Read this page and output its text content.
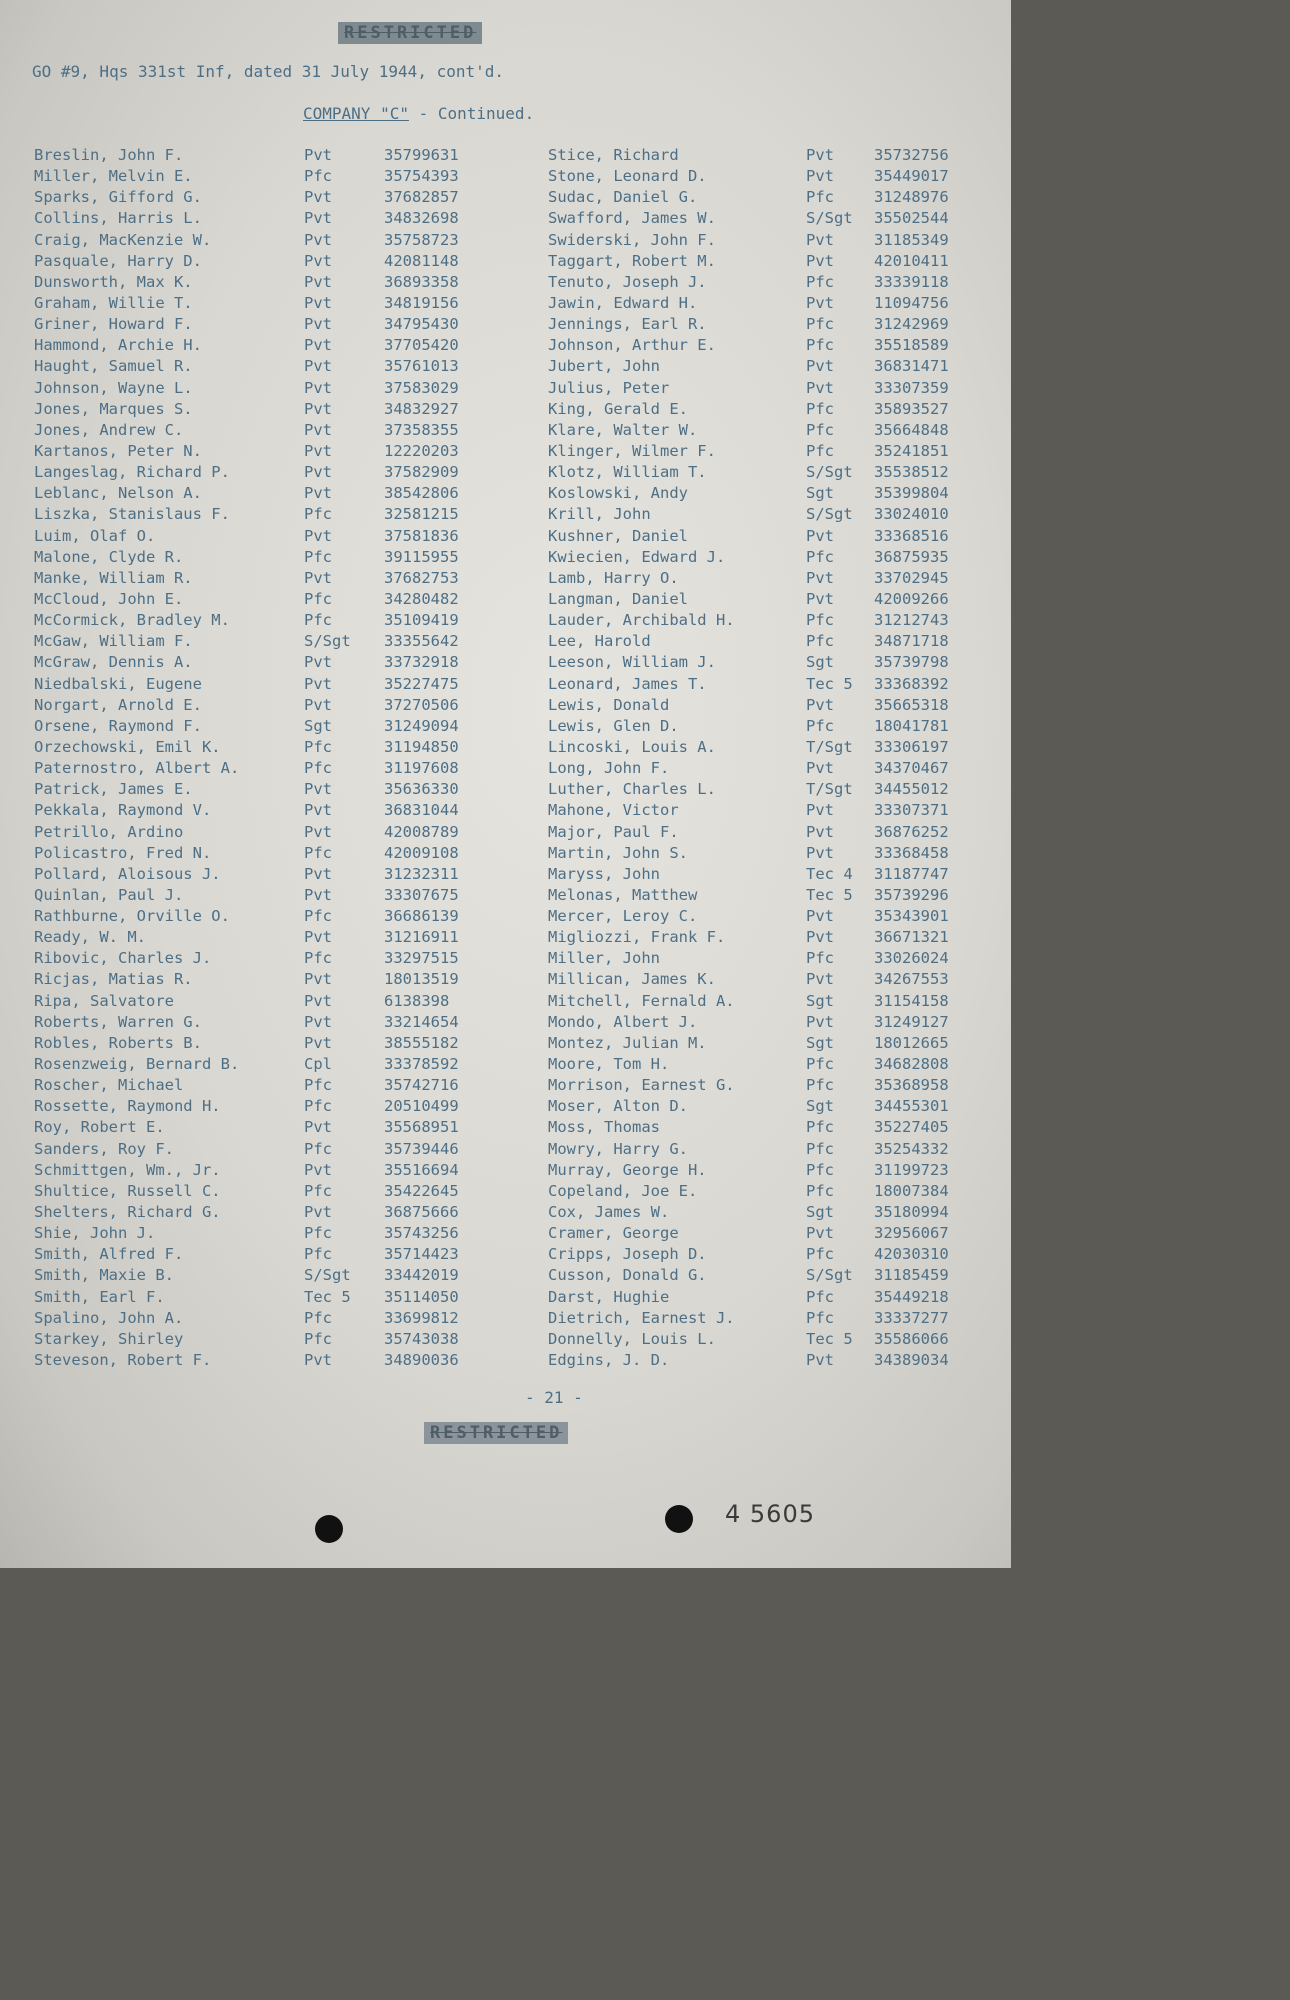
RESTRICTED
GO #9, Hqs 331st Inf, dated 31 July 1944, cont'd.
COMPANY "C" - Continued.
Breslin, John F.	Pvt	35799631
Miller, Melvin E.	Pfc	35754393
Sparks, Gifford G.	Pvt	37682857
Collins, Harris L.	Pvt	34832698
Craig, MacKenzie W.	Pvt	35758723
Pasquale, Harry D.	Pvt	42081148
Dunsworth, Max K.	Pvt	36893358
Graham, Willie T.	Pvt	34819156
Griner, Howard F.	Pvt	34795430
Hammond, Archie H.	Pvt	37705420
Haught, Samuel R.	Pvt	35761013
Johnson, Wayne L.	Pvt	37583029
Jones, Marques S.	Pvt	34832927
Jones, Andrew C.	Pvt	37358355
Kartanos, Peter N.	Pvt	12220203
Langeslag, Richard P.	Pvt	37582909
Leblanc, Nelson A.	Pvt	38542806
Liszka, Stanislaus F.	Pfc	32581215
Luim, Olaf O.	Pvt	37581836
Malone, Clyde R.	Pfc	39115955
Manke, William R.	Pvt	37682753
McCloud, John E.	Pfc	34280482
McCormick, Bradley M.	Pfc	35109419
McGaw, William F.	S/Sgt 33355642
McGraw, Dennis A.	Pvt	33732918
Niedbalski, Eugene	Pvt	35227475
Norgart, Arnold E.	Pvt	37270506
Orsene, Raymond F.	Sgt	31249094
Orzechowski, Emil K.	Pfc	31194850
Paternostro, Albert A.	Pfc	31197608
Patrick, James E.	Pvt	35636330
Pekkala, Raymond V.	Pvt	36831044
Petrillo, Ardino	Pvt	42008789
Policastro, Fred N.	Pfc	42009108
Pollard, Aloisous J.	Pvt	31232311
Quinlan, Paul J.	Pvt	33307675
Rathburne, Orville O.	Pfc	36686139
Ready, W. M.	Pvt	31216911
Ribovic, Charles J.	Pfc	33297515
Ricjas, Matias R.	Pvt	18013519
Ripa, Salvatore	Pvt	6138398
Roberts, Warren G.	Pvt	33214654
Robles, Roberts B.	Pvt	38555182
Rosenzweig, Bernard B.	Cpl	33378592
Roscher, Michael	Pfc	35742716
Rossette, Raymond H.	Pfc	20510499
Roy, Robert E.	Pvt	35568951
Sanders, Roy F.	Pfc	35739446
Schmittgen, Wm., Jr.	Pvt	35516694
Shultice, Russell C.	Pfc	35422645
Shelters, Richard G.	Pvt	36875666
Shie, John J.	Pfc	35743256
Smith, Alfred F.	Pfc	35714423
Smith, Maxie B.	S/Sgt 33442019
Smith, Earl F.	Tec 5 35114050
Spalino, John A.	Pfc	33699812
Starkey, Shirley	Pfc	35743038
Steveson, Robert F.	Pvt	34890036
Stice, Richard	Pvt	35732756
Stone, Leonard D.	Pvt	35449017
Sudac, Daniel G.	Pfc	31248976
Swafford, James W.	S/Sgt 35502544
Swiderski, John F.	Pvt	31185349
Taggart, Robert M.	Pvt	42010411
Tenuto, Joseph J.	Pfc	33339118
Jawin, Edward H.	Pvt	11094756
Jennings, Earl R.	Pfc	31242969
Johnson, Arthur E.	Pfc	35518589
Jubert, John	Pvt	36831471
Julius, Peter	Pvt	33307359
King, Gerald E.	Pfc	35893527
Klare, Walter W.	Pfc	35664848
Klinger, Wilmer F.	Pfc	35241851
Klotz, William T.	S/Sgt 35538512
Koslowski, Andy	Sgt	35399804
Krill, John	S/Sgt 33024010
Kushner, Daniel	Pvt	33368516
Kwiecien, Edward J.	Pfc	36875935
Lamb, Harry O.	Pvt	33702945
Langman, Daniel	Pvt	42009266
Lauder, Archibald H.	Pfc	31212743
Lee, Harold	Pfc	34871718
Leeson, William J.	Sgt	35739798
Leonard, James T.	Tec 5 33368392
Lewis, Donald	Pvt	35665318
Lewis, Glen D.	Pfc	18041781
Lincoski, Louis A.	T/Sgt 33306197
Long, John F.	Pvt	34370467
Luther, Charles L.	T/Sgt 34455012
Mahone, Victor	Pvt	33307371
Major, Paul F.	Pvt	36876252
Martin, John S.	Pvt	33368458
Maryss, John	Tec 4 31187747
Melonas, Matthew	Tec 5 35739296
Mercer, Leroy C.	Pvt	35343901
Migliozzi, Frank F.	Pvt	36671321
Miller, John	Pfc	33026024
Millican, James K.	Pvt	34267553
Mitchell, Fernald A.	Sgt	31154158
Mondo, Albert J.	Pvt	31249127
Montez, Julian M.	Sgt	18012665
Moore, Tom H.	Pfc	34682808
Morrison, Earnest G.	Pfc	35368958
Moser, Alton D.	Sgt	34455301
Moss, Thomas	Pfc	35227405
Mowry, Harry G.	Pfc	35254332
Murray, George H.	Pfc	31199723
Copeland, Joe E.	Pfc	18007384
Cox, James W.	Sgt	35180994
Cramer, George	Pvt	32956067
Cripps, Joseph D.	Pfc	42030310
Cusson, Donald G.	S/Sgt 31185459
Darst, Hughie	Pfc	35449218
Dietrich, Earnest J.	Pfc	33337277
Donnelly, Louis L.	Tec 5 35586066
Edgins, J. D.	Pvt	34389034
- 21 -
RESTRICTED
4 5605
